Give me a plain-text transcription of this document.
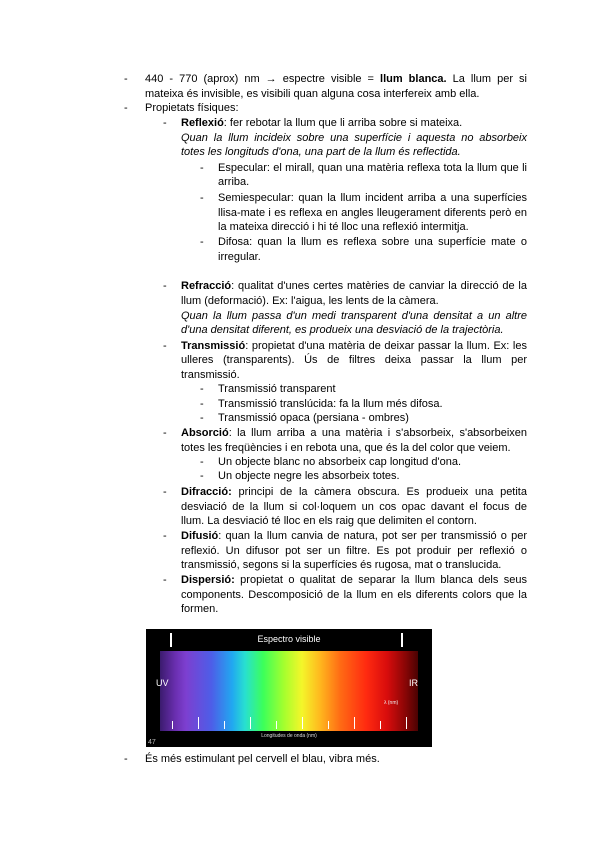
- 440 - 770 (aprox) nm → espectre visible = llum blanca. La llum per si
mateixa és invisible, es visibili quan alguna cosa interfereix amb ella.
- Propietats físiques:
- Reflexió: fer rebotar la llum que li arriba sobre si mateixa.
Quan la llum incideix sobre una superfície i aquesta no absorbeix
totes les longituds d'ona, una part de la llum és reflectida.
- Especular: el mirall, quan una matèria reflexa tota la llum que li
arriba.
- Semiespecular: quan la llum incident arriba a una superfícies
llisa-mate i es reflexa en angles lleugerament diferents però en
la mateixa direcció i hi té lloc una reflexió intermitja.
- Difosa: quan la llum es reflexa sobre una superfície mate o
irregular.
- Refracció: qualitat d'unes certes matèries de canviar la direcció de la
llum (deformació). Ex: l'aigua, les lents de la càmera.
Quan la llum passa d'un medi transparent d'una densitat a un altre
d'una densitat diferent, es produeix una desviació de la trajectòria.
- Transmissió: propietat d'una matèria de deixar passar la llum. Ex: les
ulleres (transparents). Ús de filtres deixa passar la llum per
transmissió.
- Transmissió transparent
- Transmissió translúcida: fa la llum més difosa.
- Transmissió opaca (persiana - ombres)
- Absorció: la llum arriba a una matèria i s'absorbeix, s'absorbeixen
totes les freqüències i en rebota una, que és la del color que veiem.
- Un objecte blanc no absorbeix cap longitud d'ona.
- Un objecte negre les absorbeix totes.
- Difracció: principi de la càmera obscura. Es produeix una petita
desviació de la llum si col·loquem un cos opac davant el focus de
llum. La desviació té lloc en els raig que delimiten el contorn.
- Difusió: quan la llum canvia de natura, pot ser per transmissió o per
reflexió. Un difusor pot ser un filtre. Es pot produir per reflexió o
transmissió, segons si la superfícies és rugosa, mat o translucida.
- Dispersió: propietat o qualitat de separar la llum blanca dels seus
components. Descomposició de la llum en els diferents colors que la
formen.
Espectro visible
UV	IR
λ (nm)
Longitudes de onda (nm)
47
- És més estimulant pel cervell el blau, vibra més.
